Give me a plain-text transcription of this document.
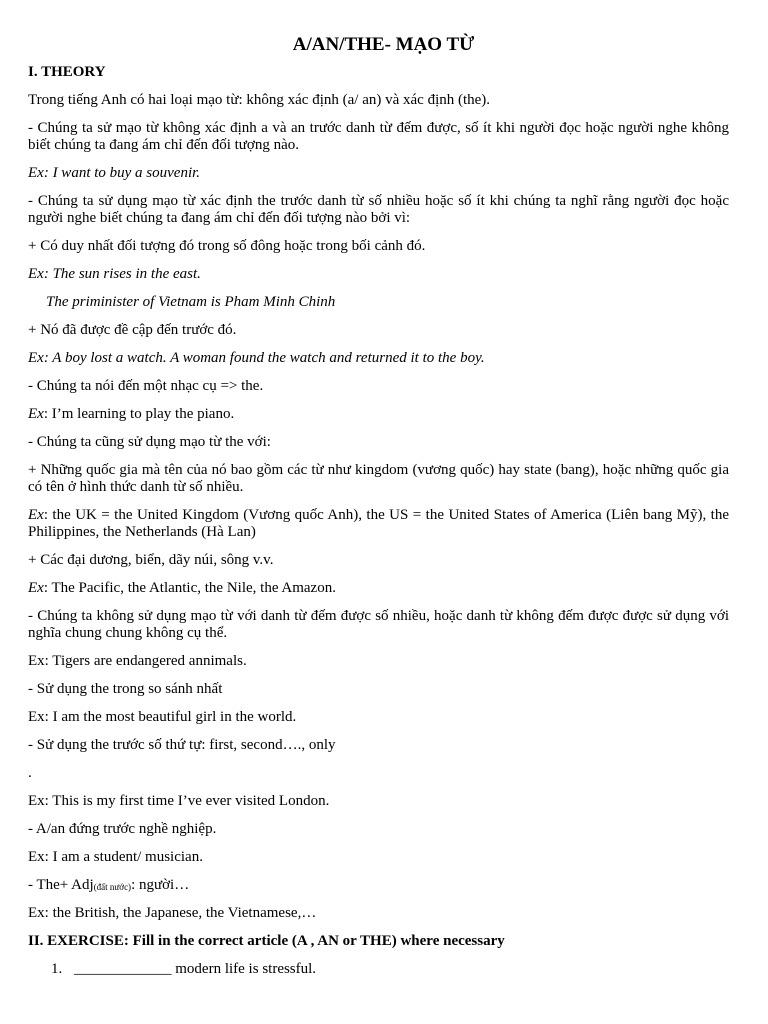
A/AN/THE- MẠO TỪ
I. THEORY
Trong tiếng Anh có hai loại mạo từ: không xác định (a/ an) và xác định (the).
- Chúng ta sử mạo từ không xác định a và an trước danh từ đếm được, số ít khi người đọc hoặc người nghe không biết chúng ta đang ám chỉ đến đối tượng nào.
Ex: I want to buy a souvenir.
- Chúng ta sử dụng mạo từ xác định the trước danh từ số nhiều hoặc số ít khi chúng ta nghĩ rằng người đọc hoặc người nghe biết chúng ta đang ám chỉ đến đối tượng nào bởi vì:
+ Có duy nhất đối tượng đó trong số đông hoặc trong bối cảnh đó.
Ex: The sun rises in the east.
The priminister of Vietnam is Pham Minh Chinh
+ Nó đã được đề cập đến trước đó.
Ex: A boy lost a watch. A woman found the watch and returned it to the boy.
- Chúng ta nói đến một nhạc cụ => the.
Ex: I’m learning to play the piano.
- Chúng ta cũng sử dụng mạo từ the với:
+ Những quốc gia mà tên của nó bao gồm các từ như kingdom (vương quốc) hay state (bang), hoặc những quốc gia có tên ở hình thức danh từ số nhiều.
Ex: the UK = the United Kingdom (Vương quốc Anh), the US = the United States of America (Liên bang Mỹ), the Philippines, the Netherlands (Hà Lan)
+ Các đại dương, biển, dãy núi, sông v.v.
Ex: The Pacific, the Atlantic, the Nile, the Amazon.
- Chúng ta không sử dụng mạo từ với danh từ đếm được số nhiều, hoặc danh từ không đếm được được sử dụng với nghĩa chung chung không cụ thể.
Ex: Tigers are endangered annimals.
- Sử dụng the trong so sánh nhất
Ex: I am the most beautiful girl in the world.
- Sử dụng the trước số thứ tự: first, second…., only
.
Ex: This is my first time I’ve ever visited London.
- A/an đứng trước nghề nghiệp.
Ex: I am a student/ musician.
- The+ Adj$_{(đất nước)}$: người…
Ex: the British, the Japanese, the Vietnamese,…
II. EXERCISE: Fill in the correct article (A , AN or THE) where necessary
1. _____________ modern life is stressful.
